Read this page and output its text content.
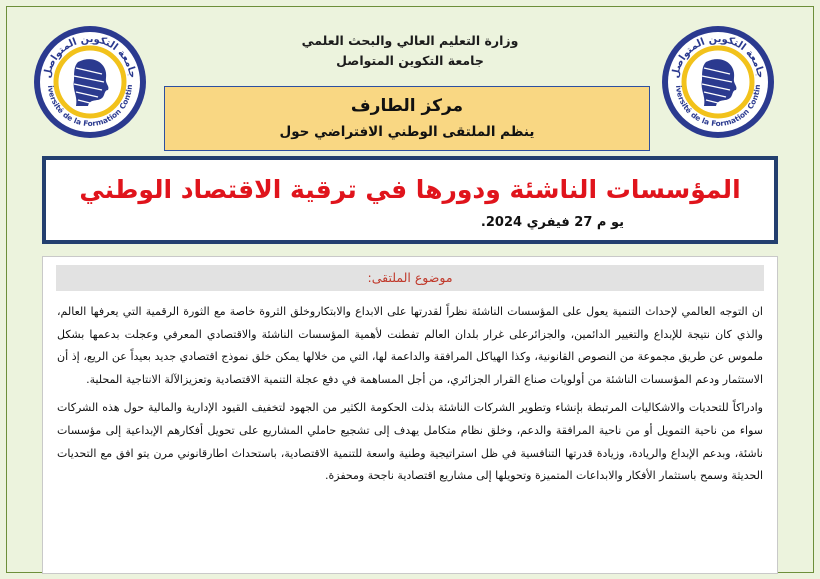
جامعة التكوين المتواصل
iversité de la Formation Contin
جامعة التكوين المتواصل
iversité de la Formation Contin
وزارة التعليم العالي والبحث العلمي
جامعة التكوين المتواصل
مركز الطارف
ينظم الملتقى الوطني الافتراضي حول
المؤسسات الناشئة ودورها في ترقية الاقتصاد الوطني
يو م 27 فيفري 2024.
موضوع الملتقى:
ان التوجه العالمي لإحداث التنمية يعول على المؤسسات الناشئة نظراً لقدرتها على الابداع والابتكاروخلق الثروة خاصة مع الثورة الرقمية التي يعرفها العالم، والذي كان نتيجة للإبداع والتغيير الدائمين، والجزائرعلى غرار بلدان العالم تفطنت لأهمية المؤسسات الناشئة والاقتصادي المعرفي وعجلت بدعمها بشكل ملموس عن طريق مجموعة من النصوص القانونية، وكذا الهياكل المرافقة والداعمة لها، التي من خلالها يمكن خلق نموذج اقتصادي جديد بعيداً عن الريع، إذ أن الاستثمار ودعم المؤسسات الناشئة من أولويات صناع القرار الجزائري، من أجل المساهمة في دفع عجلة التنمية الاقتصادية وتعزيزالآلة الانتاجية المحلية.
وادراكاً للتحديات والاشكاليات المرتبطة بإنشاء وتطوير الشركات الناشئة بذلت الحكومة الكثير من الجهود لتخفيف القيود الإدارية والمالية حول هذه الشركات سواء من ناحية التمويل أو من ناحية المرافقة والدعم، وخلق نظام متكامل يهدف إلى تشجيع حاملي المشاريع على تحويل أفكارهم الإبداعية إلى مؤسسات ناشئة، وبدعم الإبداع والريادة، وزيادة قدرتها التنافسية في ظل استراتيجية وطنية واسعة للتنمية الاقتصادية، باستحداث اطارقانوني مرن يتو افق مع التحديات الحديثة وسمح باستثمار الأفكار والابداعات المتميزة وتحويلها إلى مشاريع اقتصادية ناجحة ومحفزة.
